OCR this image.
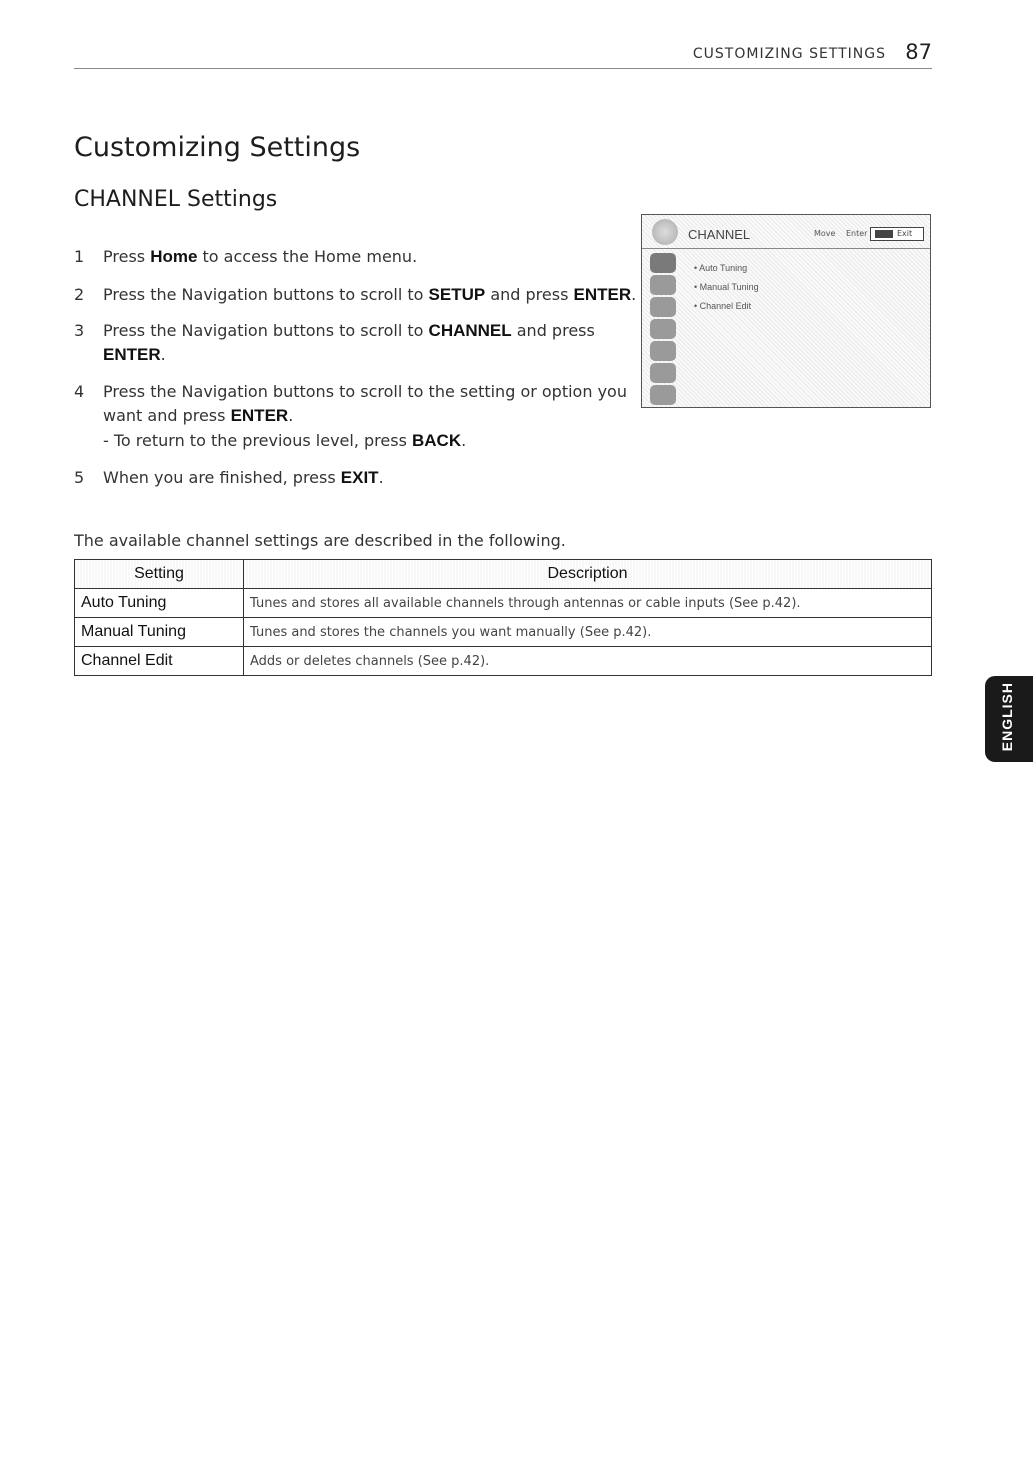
CUSTOMIZING SETTINGS 87
Customizing Settings
CHANNEL Settings
1	Press Home to access the Home menu.
2	Press the Navigation buttons to scroll to SETUP and press ENTER.
3	Press the Navigation buttons to scroll to CHANNEL and press ENTER.
4	Press the Navigation buttons to scroll to the setting or option you want and press ENTER.
- To return to the previous level, press BACK.
5	When you are finished, press EXIT.
CHANNEL	Move Enter	Exit
• Auto Tuning
• Manual Tuning
• Channel Edit
The available channel settings are described in the following.
Setting	Description
Auto Tuning	Tunes and stores all available channels through antennas or cable inputs (See p.42).
Manual Tuning	Tunes and stores the channels you want manually (See p.42).
Channel Edit	Adds or deletes channels (See p.42).
ENGLISH
